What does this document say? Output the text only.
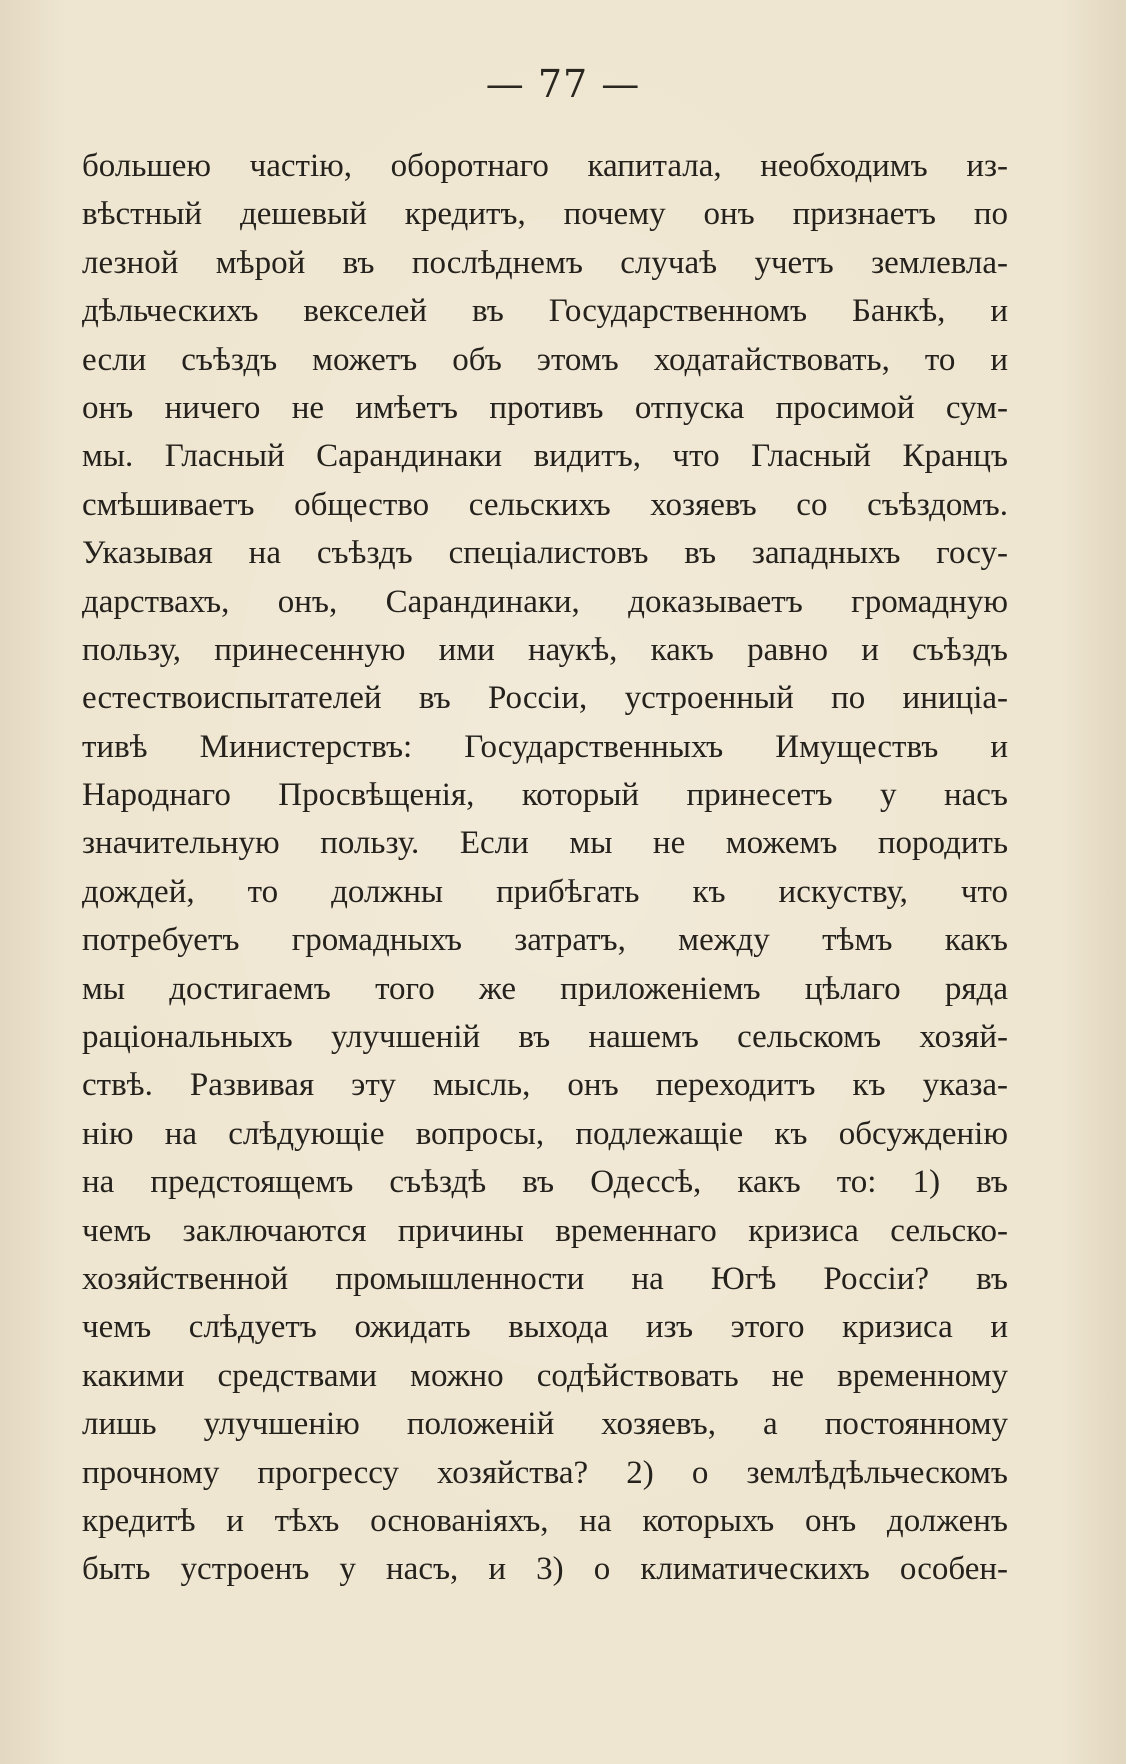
— 77 —
большею частію, оборотнаго капитала, необходимъ из-
вѣстный дешевый кредитъ, почему онъ признаетъ по
лезной мѣрой въ послѣднемъ случаѣ учетъ землевла-
дѣльческихъ векселей въ Государственномъ Банкѣ, и
если съѣздъ можетъ объ этомъ ходатайствовать, то и
онъ ничего не имѣетъ противъ отпуска просимой сум-
мы. Гласный Сарандинаки видитъ, что Гласный Кранцъ
смѣшиваетъ общество сельскихъ хозяевъ со съѣздомъ.
Указывая на съѣздъ спеціалистовъ въ западныхъ госу-
дарствахъ, онъ, Сарандинаки, доказываетъ громадную
пользу, принесенную ими наукѣ, какъ равно и съѣздъ
естествоиспытателей въ Россіи, устроенный по иниціа-
тивѣ Министерствъ: Государственныхъ Имуществъ и
Народнаго Просвѣщенія, который принесетъ у насъ
значительную пользу. Если мы не можемъ породить
дождей, то должны прибѣгать къ искуству, что
потребуетъ громадныхъ затратъ, между тѣмъ какъ
мы достигаемъ того же приложеніемъ цѣлаго ряда
раціональныхъ улучшеній въ нашемъ сельскомъ хозяй-
ствѣ. Развивая эту мысль, онъ переходитъ къ указа-
нію на слѣдующіе вопросы, подлежащіе къ обсужденію
на предстоящемъ съѣздѣ въ Одессѣ, какъ то: 1) въ
чемъ заключаются причины временнаго кризиса сельско-
хозяйственной промышленности на Югѣ Россіи? въ
чемъ слѣдуетъ ожидать выхода изъ этого кризиса и
какими средствами можно содѣйствовать не временному
лишь улучшенію положеній хозяевъ, а постоянному
прочному прогрессу хозяйства? 2) о землѣдѣльческомъ
кредитѣ и тѣхъ основаніяхъ, на которыхъ онъ долженъ
быть устроенъ у насъ, и 3) о климатическихъ особен-
